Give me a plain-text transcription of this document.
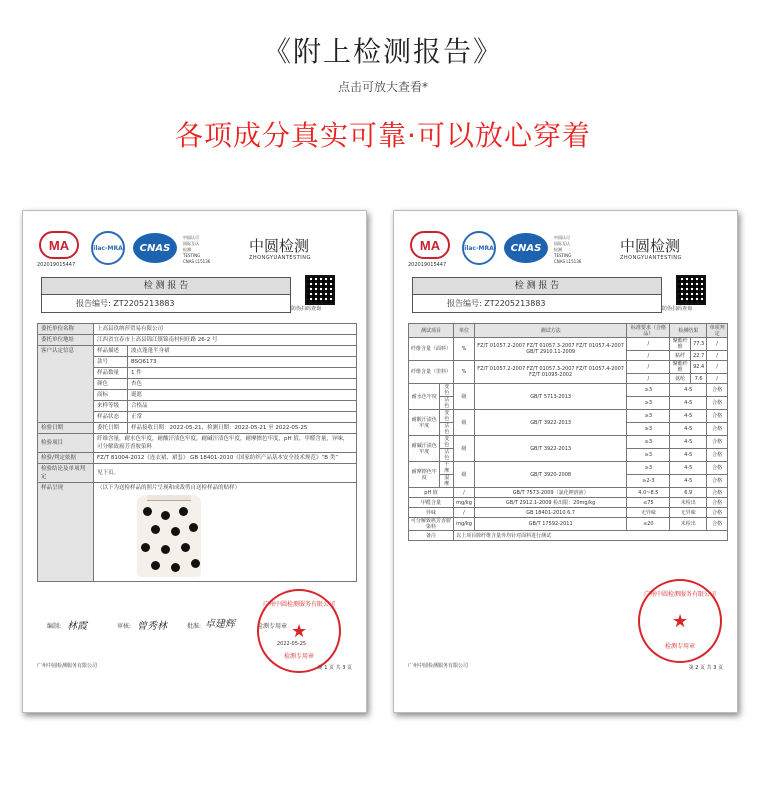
《附上检测报告》
点击可放大查看*
各项成分真实可靠·可以放心穿着
MA
202019015447
ilac-MRA	CNAS
中国认可
国际互认
检测
TESTING
CNAS L15136
中圆检测
ZHONGYUANTESTING
检 测 报 告
报告编号: ZT2205213883
防伪扫码查询
委托单位名称	上高县玖纳莎贸易有限公司	
委托单位地址	江西省宜春市上高县锦江镇锦南村何旺路 26-2 号	
客户认定信息	样品描述	波点蓬蓬半身裙
	款号	BSQ6173
	样品数量	1 件
	颜色	杏色
	商标	诞愿
	来样等级	合格品
	样品状态	正常
检验日期	委托日期	样品接收日期：2022-05-21，检测日期：2022-05-21 至 2022-05-25
检验项目	纤维含量，耐水色牢度，耐酸汗渍色牢度，耐碱汗渍色牢度，耐摩擦色牢度，pH 值，甲醛含量，异味，可分解致癌芳香胺染料	
检验/判定依据	FZ/T 81004-2012《连衣裙、裙套》 GB 18401-2010《国家纺织产品基本安全技术规范》“B 类”	
检验结论及单项判定	见下页。	
样品呈现	（以下为送检样品的照片呈现和成裁剪自送检样品的贴样）	
编制: 林霞	审核: 曾秀林	批准: 卓建辉	检测专用章
广州中圆检测服务有限公司
★
2022-05-25
检测专用章
广州中圆检测服务有限公司	第 1 页 共 3 页
MA
202019015447
ilac-MRA	CNAS
中国认可
国际互认
检测
TESTING
CNAS L15136
中圆检测
ZHONGYUANTESTING
检 测 报 告
报告编号: ZT2205213883
防伪扫码查询
测试项目		单位	测试方法	标准要求（合格品）	检测结果		单项判定
纤维含量（面料）		%	FZ/T 01057.2-2007 FZ/T 01057.3-2007 FZ/T 01057.4-2007 GB/T 2910.11-2009	/	聚酯纤维	77.3	/
				/	粘纤	22.7	/
纤维含量（里料）		%	FZ/T 01057.2-2007 FZ/T 01057.3-2007 FZ/T 01057.4-2007 FZ/T 01095-2002	/	聚酯纤维	92.4	/
				/	氨纶	7.6	/
耐水色牢度	变色	级	GB/T 5713-2013	≥3	4-5		合格
	沾色			≥3	4-5		合格
耐酸汗渍色牢度	变色	级	GB/T 3922-2013	≥3	4-5		合格
	沾色			≥3	4-5		合格
耐碱汗渍色牢度	变色	级	GB/T 3922-2013	≥3	4-5		合格
	沾色			≥3	4-5		合格
耐摩擦色牢度	干摩	级	GB/T 3920-2008	≥3	4-5		合格
	湿摩			≥2-3	4-5		合格
pH 值		/	GB/T 7573-2009（氯化钾溶液）	4.0~8.5	6.9		合格
甲醛含量		mg/kg	GB/T 2912.1-2009 检出限：20mg/kg	≤75	未检出		合格
异味		/	GB 18401-2010 6.7	无异味	无异味		合格
可分解致癌芳香胺染料		mg/kg	GB/T 17592-2011	≤20	未检出		合格
备注		以上项目除纤维含量外均针对面料进行测试					
广州中圆检测服务有限公司
★
检测专用章
广州中圆检测服务有限公司	第 2 页 共 3 页
